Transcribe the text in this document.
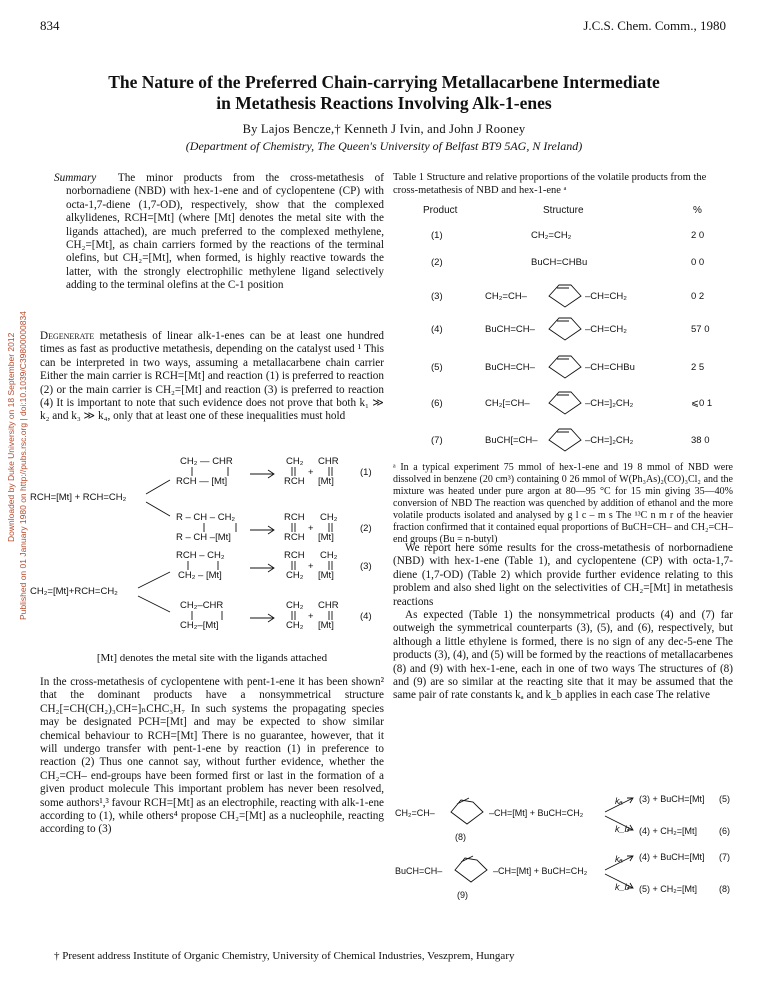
834	J.C.S. Chem. Comm., 1980
The Nature of the Preferred Chain-carrying Metallacarbene Intermediate
in Metathesis Reactions Involving Alk-1-enes
By Lajos Bencze,† Kenneth J Ivin, and John J Rooney
(Department of Chemistry, The Queen's University of Belfast BT9 5AG, N Ireland)
Downloaded by Duke University on 18 September 2012 Published on 01 January 1980 on http://pubs.rsc.org | doi:10.1039/C39800000834
Summary The minor products from the cross-metathesis of norbornadiene (NBD) with hex-1-ene and of cyclopentene (CP) with octa-1,7-diene (1,7-OD), respectively, show that the complexed alkylidenes, RCH=[Mt] (where [Mt] denotes the metal site with the ligands attached), are much preferred to the complexed methylene, CH₂=[Mt], as chain carriers formed by the reactions of the terminal olefins, but CH₂=[Mt], when formed, is highly reactive towards the latter, with the strongly electrophilic methylene ligand selectively adding to the terminal olefins at the C-1 position
Degenerate metathesis of linear alk-1-enes can be at least one hundred times as fast as productive metathesis, depending on the catalyst used ¹ This can be interpreted in two ways, assuming a metallacarbene chain carrier Either the main carrier is RCH=[Mt] and reaction (1) is preferred to reaction (2) or the main carrier is CH₂=[Mt] and reaction (3) is preferred to reaction (4) It is important to note that such evidence does not prove that both k₁ ≫ k₂ and k₃ ≫ k₄, only that at least one of these inequalities must hold
RCH=[Mt] + RCH=CH₂
CH₂ — CHR
RCH — [Mt]
CH₂
RCH
+
CHR
[Mt]
(1)
R – CH – CH₂
R – CH –[Mt]
RCH
RCH
+
CH₂
[Mt]
(2)
CH₂=[Mt]+RCH=CH₂
RCH – CH₂
CH₂ – [Mt]
RCH
CH₂
+
CH₂
[Mt]
(3)
CH₂–CHR
CH₂–[Mt]
CH₂
CH₂
+
CHR
[Mt]
(4)
[Mt] denotes the metal site with the ligands attached
In the cross-metathesis of cyclopentene with pent-1-ene it has been shown² that the dominant products have a nonsymmetrical structure CH₂[=CH(CH₂)₃CH=]ₙCHC₃H₇ In such systems the propagating species may be designated PCH=[Mt] and may be expected to show similar chemical behaviour to RCH=[Mt] There is no guarantee, however, that it will undergo transfer with pent-1-ene by reaction (1) in preference to reaction (2) Thus one cannot say, without further evidence, whether the CH₂=CH– end-groups have been formed first or last in the formation of a given product molecule This important problem has never been resolved, some authors¹,³ favour RCH=[Mt] as an electrophile, reacting with alk-1-ene according to (1), while others⁴ propose CH₂=[Mt] as a nucleophile, reacting according to (3)
Table 1 Structure and relative proportions of the volatile products from the cross-metathesis of NBD and hex-1-ene ᵃ
Product	Structure	%
(1)	CH₂=CH₂	2 0
(2)	BuCH=CHBu	0 0
(3)	CH₂=CH–	–CH=CH₂	0 2
(4)	BuCH=CH–	–CH=CH₂	57 0
(5)	BuCH=CH–	–CH=CHBu	2 5
(6)	CH₂[=CH–	–CH=]₂CH₂	⩽0 1
(7)	BuCH[=CH–	–CH=]₂CH₂	38 0
ᵃ In a typical experiment 75 mmol of hex-1-ene and 19 8 mmol of NBD were dissolved in benzene (20 cm³) containing 0 26 mmol of W(Ph₃As)₂(CO)₃Cl₂ and the mixture was heated under pure argon at 80—95 °C for 15 min giving 35—40% conversion of NBD The reaction was quenched by addition of ethanol and the more volatile products isolated and analysed by g l c – m s The ¹³C n m r of the heavier fraction confirmed that it contained equal proportions of BuCH=CH– and CH₂=CH– end groups (Bu = n-butyl)
We report here some results for the cross-metathesis of norbornadiene (NBD) with hex-1-ene (Table 1), and cyclopentene (CP) with octa-1,7-diene (1,7-OD) (Table 2) which provide further evidence relating to this problem and also shed light on the selectivities of CH₂=[Mt] in metathesis reactions
As expected (Table 1) the nonsymmetrical products (4) and (7) far outweigh the symmetrical counterparts (3), (5), and (6), respectively, but although a little ethylene is formed, there is no sign of any dec-5-ene The products (3), (4), and (5) will be formed by the reactions of metallacarbenes (8) and (9) with hex-1-ene, each in one of two ways The structures of (8) and (9) are so similar at the reacting site that it may be assumed that the same pair of rate constants kₐ and k_b applies in each case The relative
CH₂=CH–	–CH=[Mt] + BuCH=CH₂
(8)
kₐ
k_b
(3) + BuCH=[Mt]
(4) + CH₂=[Mt]
(5)
(6)
BuCH=CH–	–CH=[Mt] + BuCH=CH₂
(9)
kₐ
k_b
(4) + BuCH=[Mt]
(5) + CH₂=[Mt]
(7)
(8)
† Present address Institute of Organic Chemistry, University of Chemical Industries, Veszprem, Hungary
